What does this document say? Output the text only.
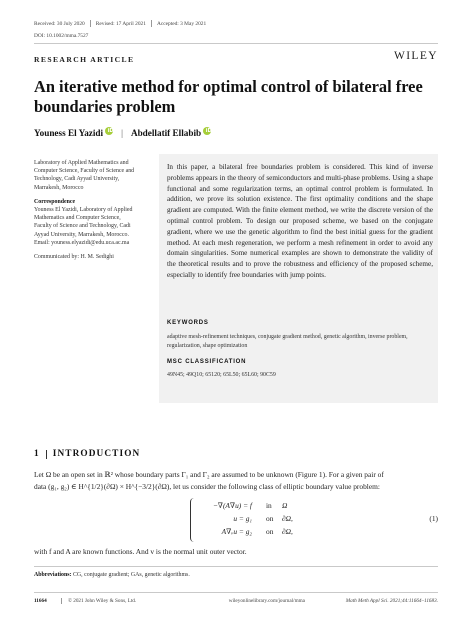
Received: 30 July 2020	Revised: 17 April 2021	Accepted: 3 May 2021
DOI: 10.1002/mma.7527
RESEARCH ARTICLE	WILEY
An iterative method for optimal control of bilateral free
boundaries problem
Youness El Yazidi iD | Abdellatif Ellabib iD
Laboratory of Applied Mathematics and
Computer Science, Faculty of Science and
Technology, Cadi Ayyad University,
Marrakesh, Morocco
Correspondence
Youness El Yazidi, Laboratory of Applied
Mathematics and Computer Science,
Faculty of Science and Technology, Cadi
Ayyad University, Marrakesh, Morocco.
Email: youness.elyazidi@edu.uca.ac.ma
Communicated by: H. M. Sedighi
In this paper, a bilateral free boundaries problem is considered. This kind of inverse problems appears in the theory of semiconductors and multi-phase problems. Using a shape functional and some regularization terms, an optimal control problem is formulated. In addition, we prove its solution existence. The first optimality conditions and the shape gradient are computed. With the finite element method, we write the discrete version of the optimal control problem. To design our proposed scheme, we based on the conjugate gradient, where we use the genetic algorithm to find the best initial guess for the gradient method. At each mesh regeneration, we perform a mesh refinement in order to avoid any domain singularities. Some numerical examples are shown to demonstrate the validity of the theoretical results and to prove the robustness and efficiency of the proposed scheme, especially to identify free boundaries with jump points.
KEYWORDS
adaptive mesh-refinement techniques, conjugate gradient method, genetic algorithm, inverse problem, regularization, shape optimization
MSC CLASSIFICATION
49N45; 49Q10; 65120; 65L50; 65L60; 90C59
1 INTRODUCTION
Let Ω be an open set in ℝ² whose boundary parts Γ₁ and Γ₂ are assumed to be unknown (Figure 1). For a given pair of
data (g₁, g₂) ∈ H^{1/2}(∂Ω) × H^{−3/2}(∂Ω), let us consider the following class of elliptic boundary value problem:
−∇(A∇u) = f	in	Ω
u = g₁	on	∂Ω,
A∇ᵥu = g₂	on	∂Ω,
(1)
with f and A are known functions. And v is the normal unit outer vector.
Abbreviations: CG, conjugate gradient; GAs, genetic algorithms.
11664	© 2021 John Wiley & Sons, Ltd.	wileyonlinelibrary.com/journal/mma	Math Meth Appl Sci. 2021;44:11664–11683.
